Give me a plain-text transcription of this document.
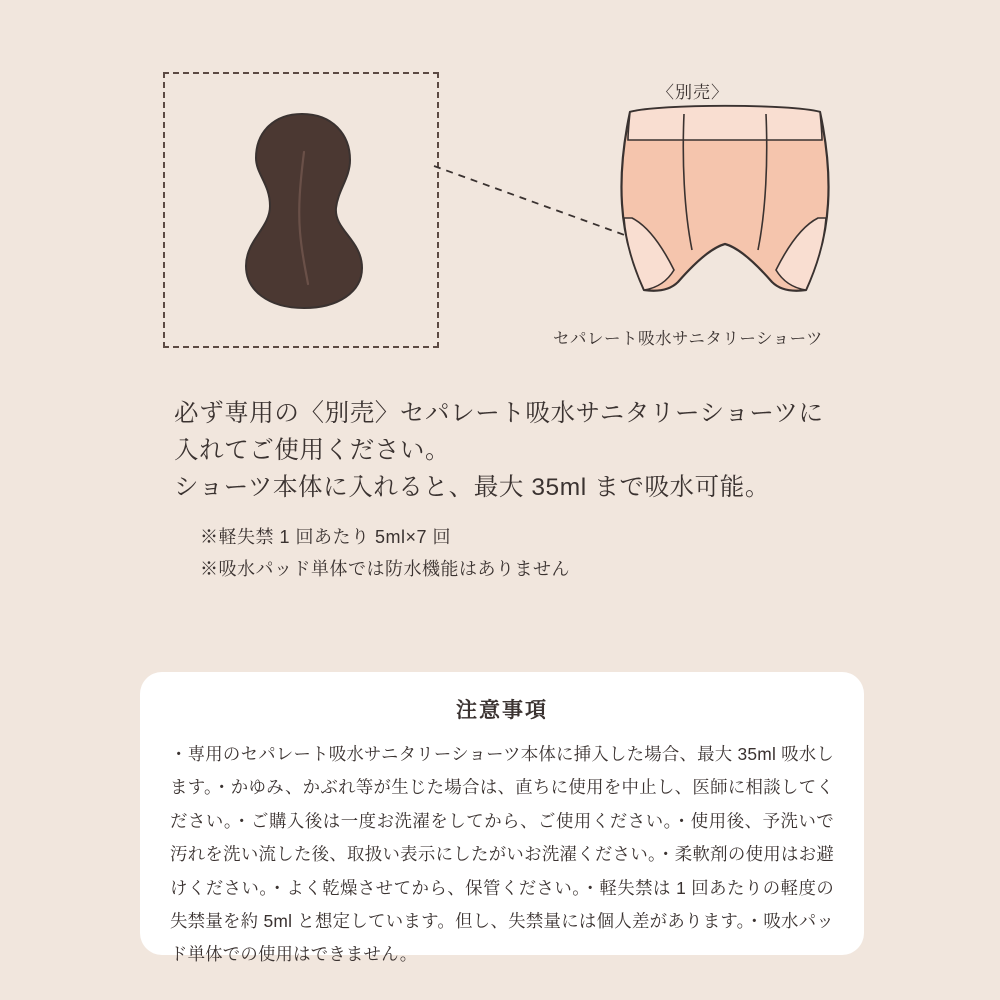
〈別売〉
セパレート吸水サニタリーショーツ
必ず専用の〈別売〉セパレート吸水サニタリーショーツに
入れてご使用ください。
ショーツ本体に入れると、最大 35ml まで吸水可能。
※軽失禁 1 回あたり 5ml×7 回
※吸水パッド単体では防水機能はありません
注意事項
・専用のセパレート吸水サニタリーショーツ本体に挿入した場合、最大 35ml 吸水します。・かゆみ、かぶれ等が生じた場合は、直ちに使用を中止し、医師に相談してください。・ご購入後は一度お洗濯をしてから、ご使用ください。・使用後、予洗いで汚れを洗い流した後、取扱い表示にしたがいお洗濯ください。・柔軟剤の使用はお避けください。・よく乾燥させてから、保管ください。・軽失禁は 1 回あたりの軽度の失禁量を約 5ml と想定しています。但し、失禁量には個人差があります。・吸水パッド単体での使用はできません。
